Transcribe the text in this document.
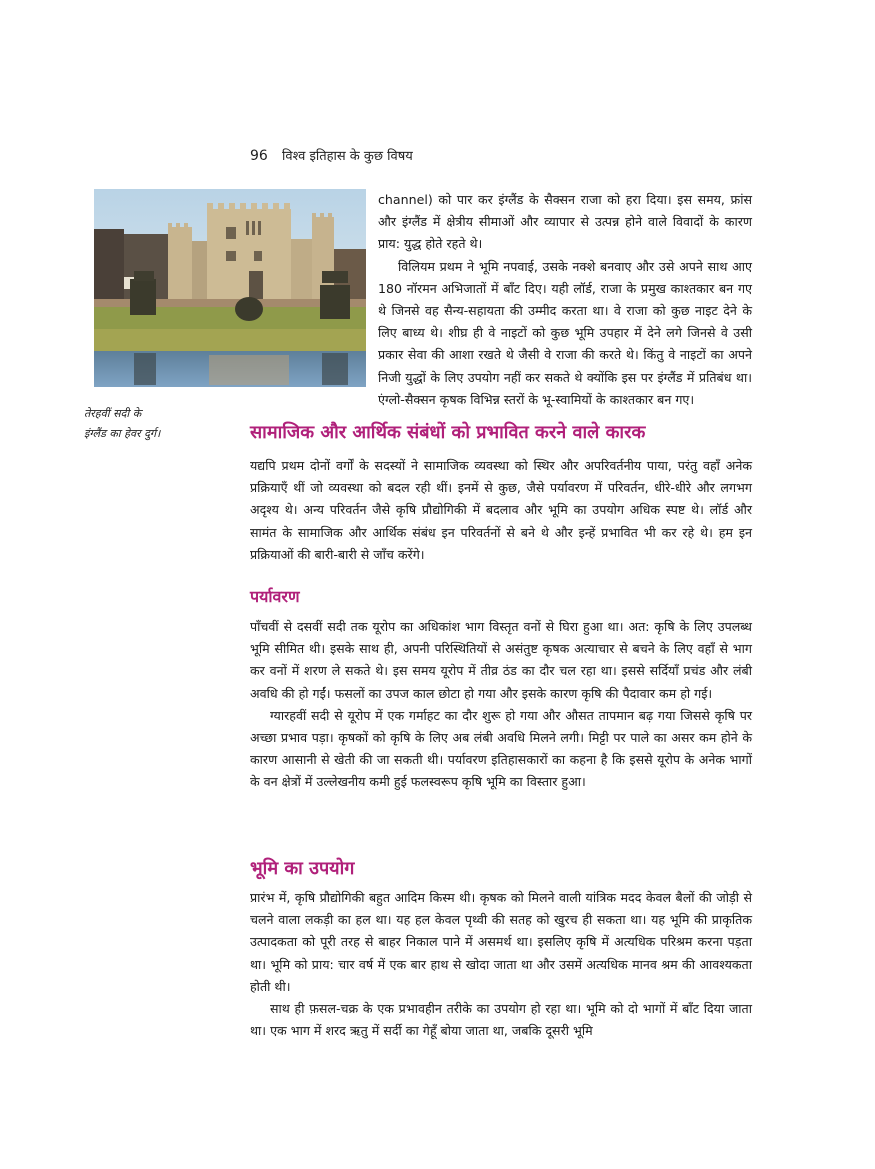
96 विश्व इतिहास के कुछ विषय
तेरहवीं सदी के
इंग्लैंड का हेवर दुर्ग।

channel) को पार कर इंग्लैंड के सैक्सन राजा को हरा दिया। इस समय, फ्रांस और इंग्लैंड में क्षेत्रीय सीमाओं और व्यापार से उत्पन्न होने वाले विवादों के कारण प्राय: युद्ध होते रहते थे।

विलियम प्रथम ने भूमि नपवाई, उसके नक्शे बनवाए और उसे अपने साथ आए 180 नॉरमन अभिजातों में बाँट दिए। यही लॉर्ड, राजा के प्रमुख काश्तकार बन गए थे जिनसे वह सैन्य-सहायता की उम्मीद करता था। वे राजा को कुछ नाइट देने के लिए बाध्य थे। शीघ्र ही वे नाइटों को कुछ भूमि उपहार में देने लगे जिनसे वे उसी प्रकार सेवा की आशा रखते थे जैसी वे राजा की करते थे। किंतु वे नाइटों का अपने निजी युद्धों के लिए उपयोग नहीं कर सकते थे क्योंकि इस पर इंग्लैंड में प्रतिबंध था। एंग्लो-सैक्सन कृषक विभिन्न स्तरों के भू-स्वामियों के काश्तकार बन गए।

सामाजिक और आर्थिक संबंधों को प्रभावित करने वाले कारक

यद्यपि प्रथम दोनों वर्गों के सदस्यों ने सामाजिक व्यवस्था को स्थिर और अपरिवर्तनीय पाया, परंतु वहाँ अनेक प्रक्रियाएँ थीं जो व्यवस्था को बदल रही थीं। इनमें से कुछ, जैसे पर्यावरण में परिवर्तन, धीरे-धीरे और लगभग अदृश्य थे। अन्य परिवर्तन जैसे कृषि प्रौद्योगिकी में बदलाव और भूमि का उपयोग अधिक स्पष्ट थे। लॉर्ड और सामंत के सामाजिक और आर्थिक संबंध इन परिवर्तनों से बने थे और इन्हें प्रभावित भी कर रहे थे। हम इन प्रक्रियाओं की बारी-बारी से जाँच करेंगे।

पर्यावरण

पाँचवीं से दसवीं सदी तक यूरोप का अधिकांश भाग विस्तृत वनों से घिरा हुआ था। अत: कृषि के लिए उपलब्ध भूमि सीमित थी। इसके साथ ही, अपनी परिस्थितियों से असंतुष्ट कृषक अत्याचार से बचने के लिए वहाँ से भाग कर वनों में शरण ले सकते थे। इस समय यूरोप में तीव्र ठंड का दौर चल रहा था। इससे सर्दियाँ प्रचंड और लंबी अवधि की हो गईं। फसलों का उपज काल छोटा हो गया और इसके कारण कृषि की पैदावार कम हो गई।

ग्यारहवीं सदी से यूरोप में एक गर्माहट का दौर शुरू हो गया और औसत तापमान बढ़ गया जिससे कृषि पर अच्छा प्रभाव पड़ा। कृषकों को कृषि के लिए अब लंबी अवधि मिलने लगी। मिट्टी पर पाले का असर कम होने के कारण आसानी से खेती की जा सकती थी। पर्यावरण इतिहासकारों का कहना है कि इससे यूरोप के अनेक भागों के वन क्षेत्रों में उल्लेखनीय कमी हुई फलस्वरूप कृषि भूमि का विस्तार हुआ।

भूमि का उपयोग

प्रारंभ में, कृषि प्रौद्योगिकी बहुत आदिम किस्म थी। कृषक को मिलने वाली यांत्रिक मदद केवल बैलों की जोड़ी से चलने वाला लकड़ी का हल था। यह हल केवल पृथ्वी की सतह को खुरच ही सकता था। यह भूमि की प्राकृतिक उत्पादकता को पूरी तरह से बाहर निकाल पाने में असमर्थ था। इसलिए कृषि में अत्यधिक परिश्रम करना पड़ता था। भूमि को प्राय: चार वर्ष में एक बार हाथ से खोदा जाता था और उसमें अत्यधिक मानव श्रम की आवश्यकता होती थी।

साथ ही फ़सल-चक्र के एक प्रभावहीन तरीके का उपयोग हो रहा था। भूमि को दो भागों में बाँट दिया जाता था। एक भाग में शरद ऋतु में सर्दी का गेहूँ बोया जाता था, जबकि दूसरी भूमि
